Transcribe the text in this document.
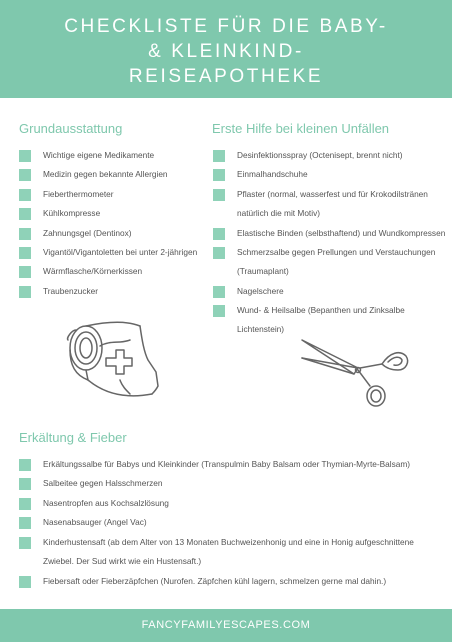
CHECKLISTE FÜR DIE BABY-
& KLEINKIND-
REISEAPOTHEKE
Grundausstattung
Wichtige eigene Medikamente
Medizin gegen bekannte Allergien
Fieberthermometer
Kühlkompresse
Zahnungsgel (Dentinox)
Vigantöl/Vigantoletten bei unter 2-jährigen
Wärmflasche/Körnerkissen
Traubenzucker
Erste Hilfe bei kleinen Unfällen
Desinfektionsspray (Octenisept, brennt nicht)
Einmalhandschuhe
Pflaster (normal, wasserfest und für Krokodilstränen
natürlich die mit Motiv)
Elastische Binden (selbsthaftend) und Wundkompressen
Schmerzsalbe gegen Prellungen und Verstauchungen
(Traumaplant)
Nagelschere
Wund- & Heilsalbe (Bepanthen und Zinksalbe
Lichtenstein)
Erkältung & Fieber
Erkältungssalbe für Babys und Kleinkinder (Transpulmin Baby Balsam oder Thymian-Myrte-Balsam)
Salbeitee gegen Halsschmerzen
Nasentropfen aus Kochsalzlösung
Nasenabsauger (Angel Vac)
Kinderhustensaft (ab dem Alter von 13 Monaten Buchweizenhonig und eine in Honig aufgeschnittene
Zwiebel. Der Sud wirkt wie ein Hustensaft.)
Fiebersaft oder Fieberzäpfchen (Nurofen. Zäpfchen kühl lagern, schmelzen gerne mal dahin.)
FANCYFAMILYESCAPES.COM
